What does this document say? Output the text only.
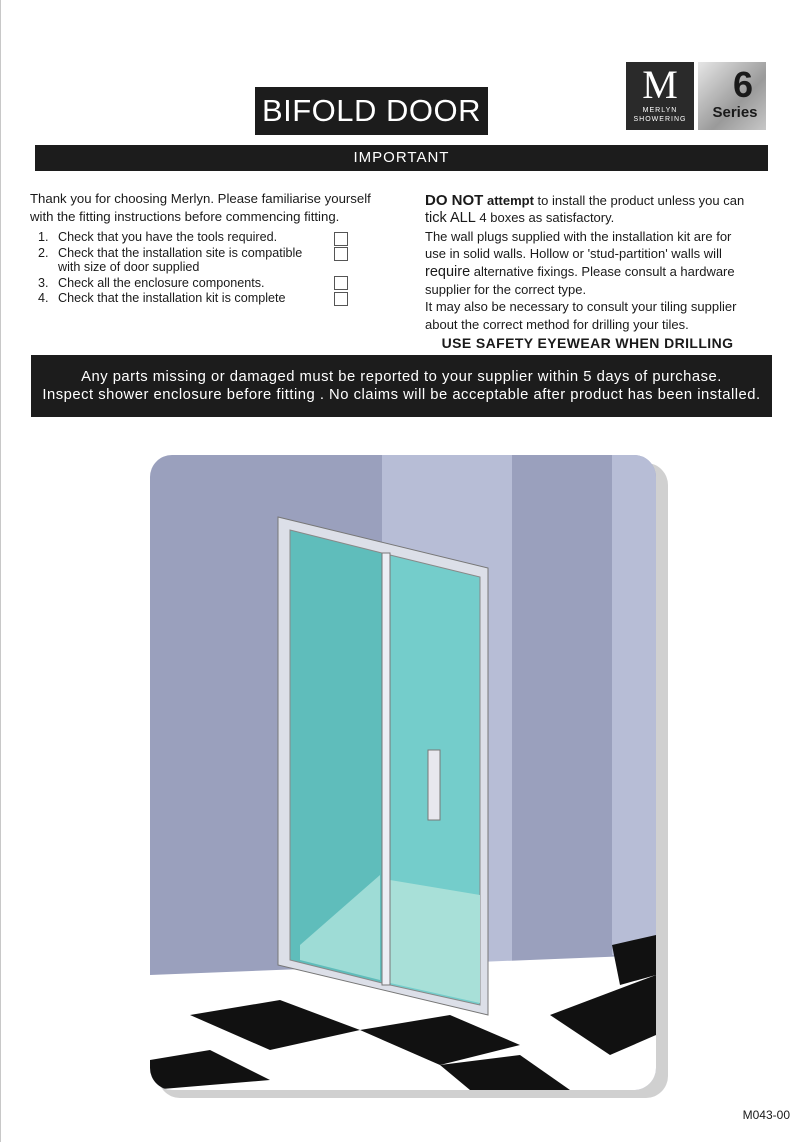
BIFOLD DOOR
M
MERLYN
SHOWERING
6
Series
IMPORTANT
Thank you for choosing Merlyn. Please familiarise yourself
with the fitting instructions before commencing fitting.
1. Check that you have the tools required.
2. Check that the installation site is compatible
with size of door supplied
3. Check all the enclosure components.
4. Check that the installation kit is complete
DO NOT attempt to install the product unless you can
tick ALL 4 boxes as satisfactory.
The wall plugs supplied with the installation kit are for
use in solid walls. Hollow or 'stud-partition' walls will
require alternative fixings. Please consult a hardware
supplier for the correct type.
It may also be necessary to consult your tiling supplier
about the correct method for drilling your tiles.
USE SAFETY EYEWEAR WHEN DRILLING
Any parts missing or damaged must be reported to your supplier within 5 days of purchase.
Inspect shower enclosure before fitting . No claims will be acceptable after product has been installed.
M043-00
